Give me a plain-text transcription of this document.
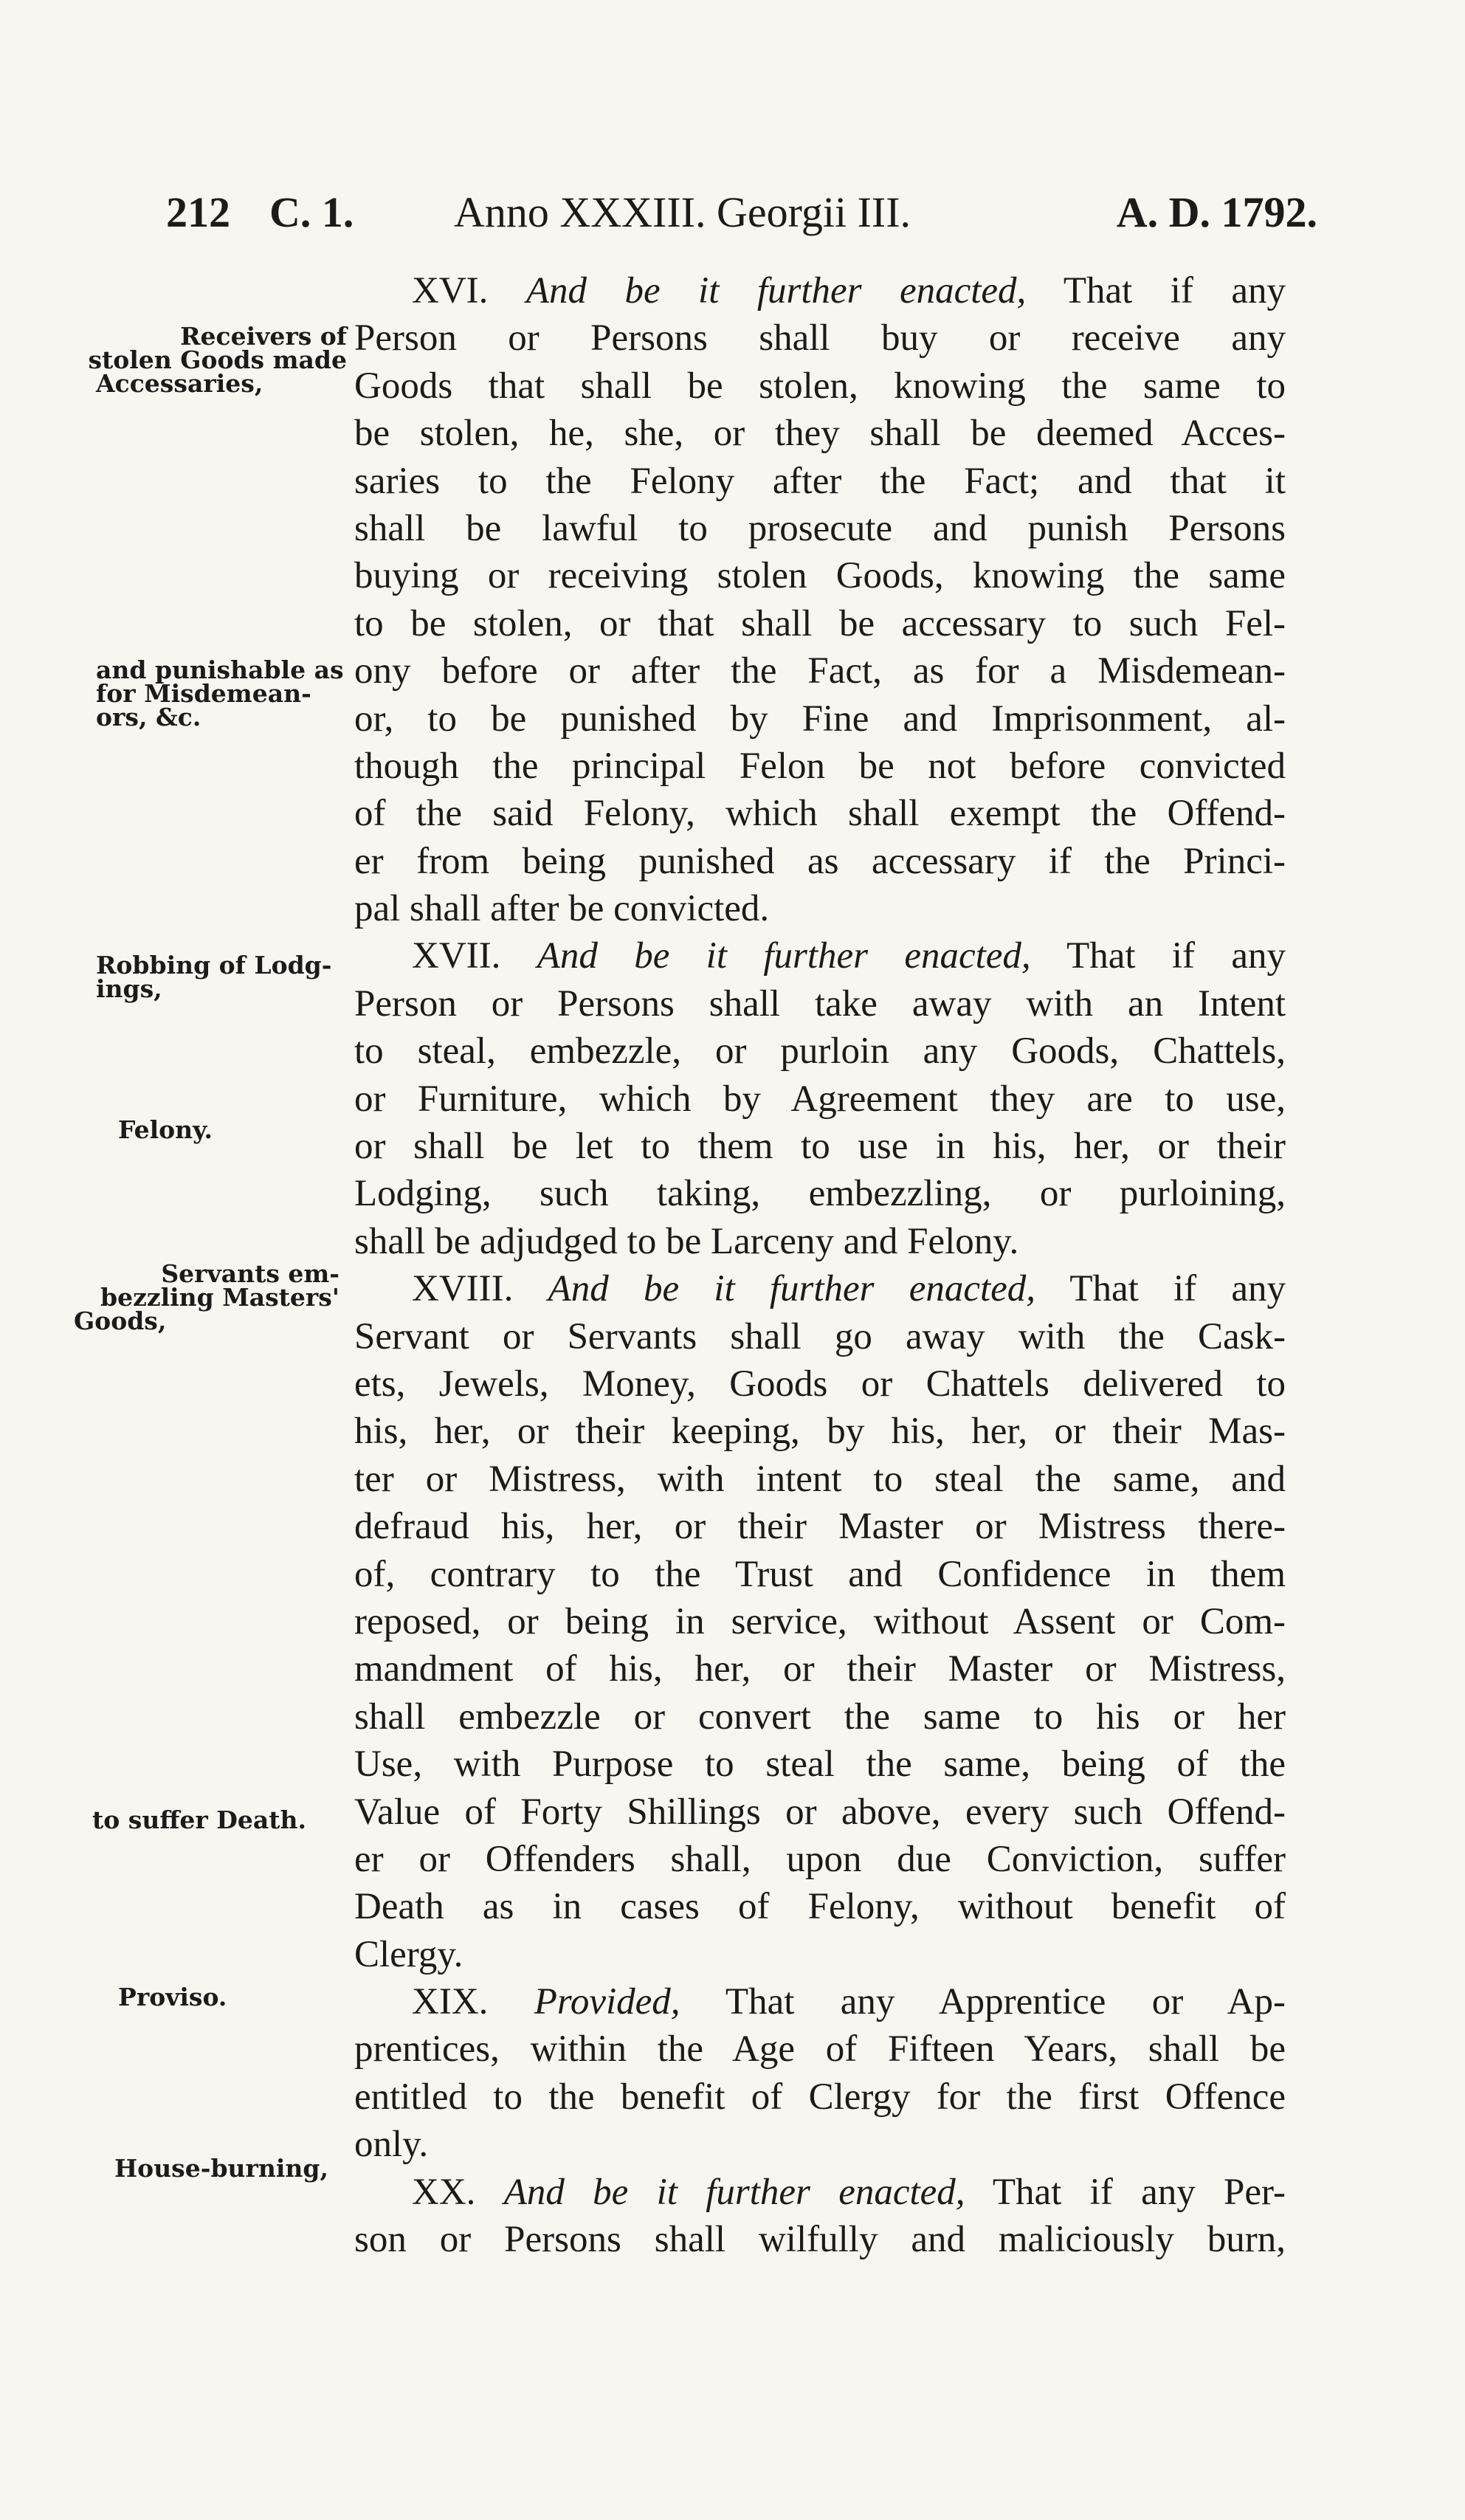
212 C. 1. Anno XXXIII. Georgii III.	A. D. 1792.
Receivers of
stolen Goods made
Accessaries,
and punishable as
for Misdemean-
ors, &c.
Robbing of Lodg-
ings,
Felony.
Servants em-
bezzling Masters'
Goods,
to suffer Death.
Proviso.
House-burning,
XVI. And be it further enacted, That if any
Person or Persons shall buy or receive any
Goods that shall be stolen, knowing the same to
be stolen, he, she, or they shall be deemed Acces-
saries to the Felony after the Fact; and that it
shall be lawful to prosecute and punish Persons
buying or receiving stolen Goods, knowing the same
to be stolen, or that shall be accessary to such Fel-
ony before or after the Fact, as for a Misdemean-
or, to be punished by Fine and Imprisonment, al-
though the principal Felon be not before convicted
of the said Felony, which shall exempt the Offend-
er from being punished as accessary if the Princi-
pal shall after be convicted.
XVII. And be it further enacted, That if any
Person or Persons shall take away with an Intent
to steal, embezzle, or purloin any Goods, Chattels,
or Furniture, which by Agreement they are to use,
or shall be let to them to use in his, her, or their
Lodging, such taking, embezzling, or purloining,
shall be adjudged to be Larceny and Felony.
XVIII. And be it further enacted, That if any
Servant or Servants shall go away with the Cask-
ets, Jewels, Money, Goods or Chattels delivered to
his, her, or their keeping, by his, her, or their Mas-
ter or Mistress, with intent to steal the same, and
defraud his, her, or their Master or Mistress there-
of, contrary to the Trust and Confidence in them
reposed, or being in service, without Assent or Com-
mandment of his, her, or their Master or Mistress,
shall embezzle or convert the same to his or her
Use, with Purpose to steal the same, being of the
Value of Forty Shillings or above, every such Offend-
er or Offenders shall, upon due Conviction, suffer
Death as in cases of Felony, without benefit of
Clergy.
XIX. Provided, That any Apprentice or Ap-
prentices, within the Age of Fifteen Years, shall be
entitled to the benefit of Clergy for the first Offence
only.
XX. And be it further enacted, That if any Per-
son or Persons shall wilfully and maliciously burn,
